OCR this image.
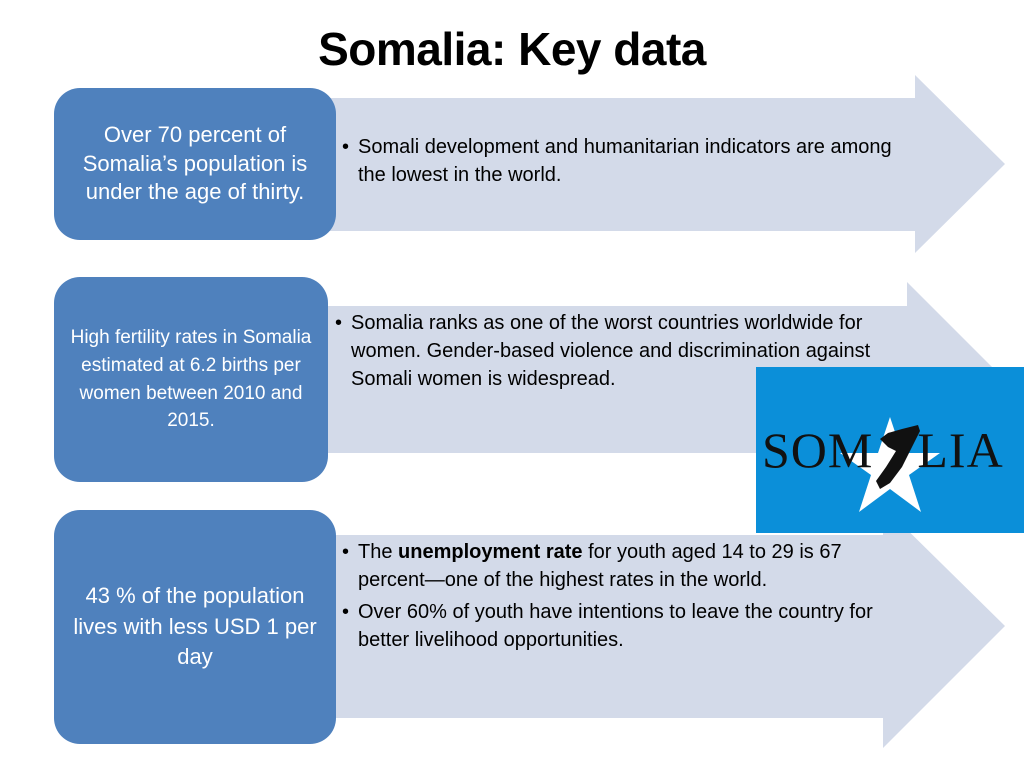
Somalia: Key data
Over 70 percent of Somalia’s population is under the age of thirty.
• Somali development and humanitarian indicators are among the lowest in the world.
High fertility rates in Somalia estimated at 6.2 births per women between 2010 and 2015.
• Somalia ranks as one of the worst countries worldwide for women. Gender-based violence and discrimination against Somali women is widespread.
43 % of the population lives with less USD 1 per day
• The unemployment rate for youth aged 14 to 29 is 67 percent—one of the highest rates in the world.
• Over 60% of youth have intentions to leave the country for better livelihood opportunities.
SOM LIA
